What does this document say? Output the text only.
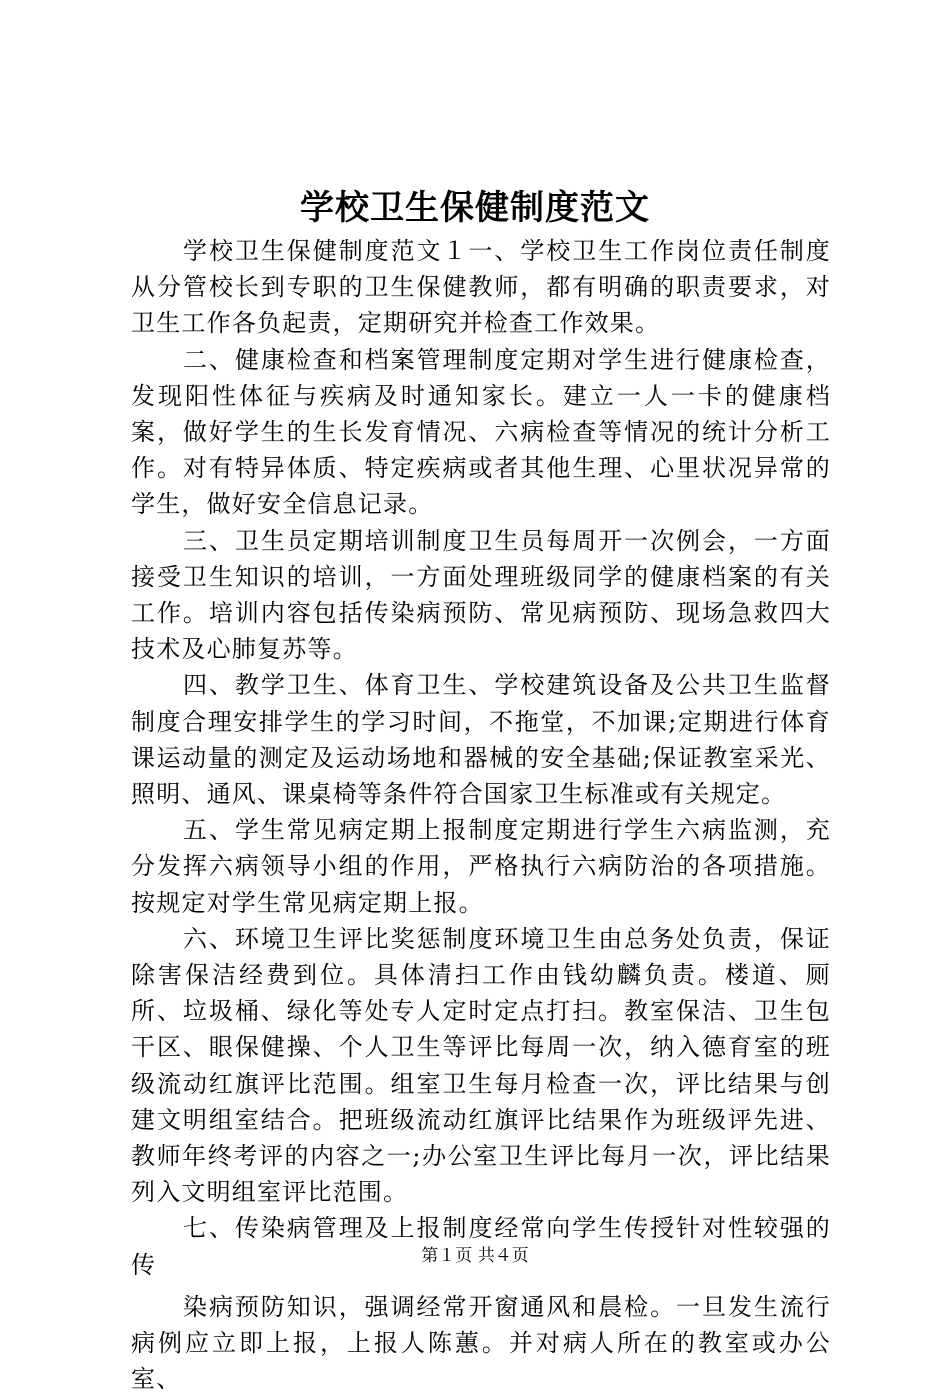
学校卫生保健制度范文

学校卫生保健制度范文１一、学校卫生工作岗位责任制度从分管校长到专职的卫生保健教师，都有明确的职责要求，对卫生工作各负起责，定期研究并检查工作效果。

二、健康检查和档案管理制度定期对学生进行健康检查，发现阳性体征与疾病及时通知家长。建立一人一卡的健康档案，做好学生的生长发育情况、六病检查等情况的统计分析工作。对有特异体质、特定疾病或者其他生理、心里状况异常的学生，做好安全信息记录。

三、卫生员定期培训制度卫生员每周开一次例会，一方面接受卫生知识的培训，一方面处理班级同学的健康档案的有关工作。培训内容包括传染病预防、常见病预防、现场急救四大技术及心肺复苏等。

四、教学卫生、体育卫生、学校建筑设备及公共卫生监督制度合理安排学生的学习时间，不拖堂，不加课;定期进行体育课运动量的测定及运动场地和器械的安全基础;保证教室采光、照明、通风、课桌椅等条件符合国家卫生标准或有关规定。

五、学生常见病定期上报制度定期进行学生六病监测，充分发挥六病领导小组的作用，严格执行六病防治的各项措施。按规定对学生常见病定期上报。

六、环境卫生评比奖惩制度环境卫生由总务处负责，保证除害保洁经费到位。具体清扫工作由钱幼麟负责。楼道、厕所、垃圾桶、绿化等处专人定时定点打扫。教室保洁、卫生包干区、眼保健操、个人卫生等评比每周一次，纳入德育室的班级流动红旗评比范围。组室卫生每月检查一次，评比结果与创建文明组室结合。把班级流动红旗评比结果作为班级评先进、教师年终考评的内容之一;办公室卫生评比每月一次，评比结果列入文明组室评比范围。

七、传染病管理及上报制度经常向学生传授针对性较强的传

染病预防知识，强调经常开窗通风和晨检。一旦发生流行病例应立即上报，上报人陈蕙。并对病人所在的教室或办公室、

第１页 共４页
